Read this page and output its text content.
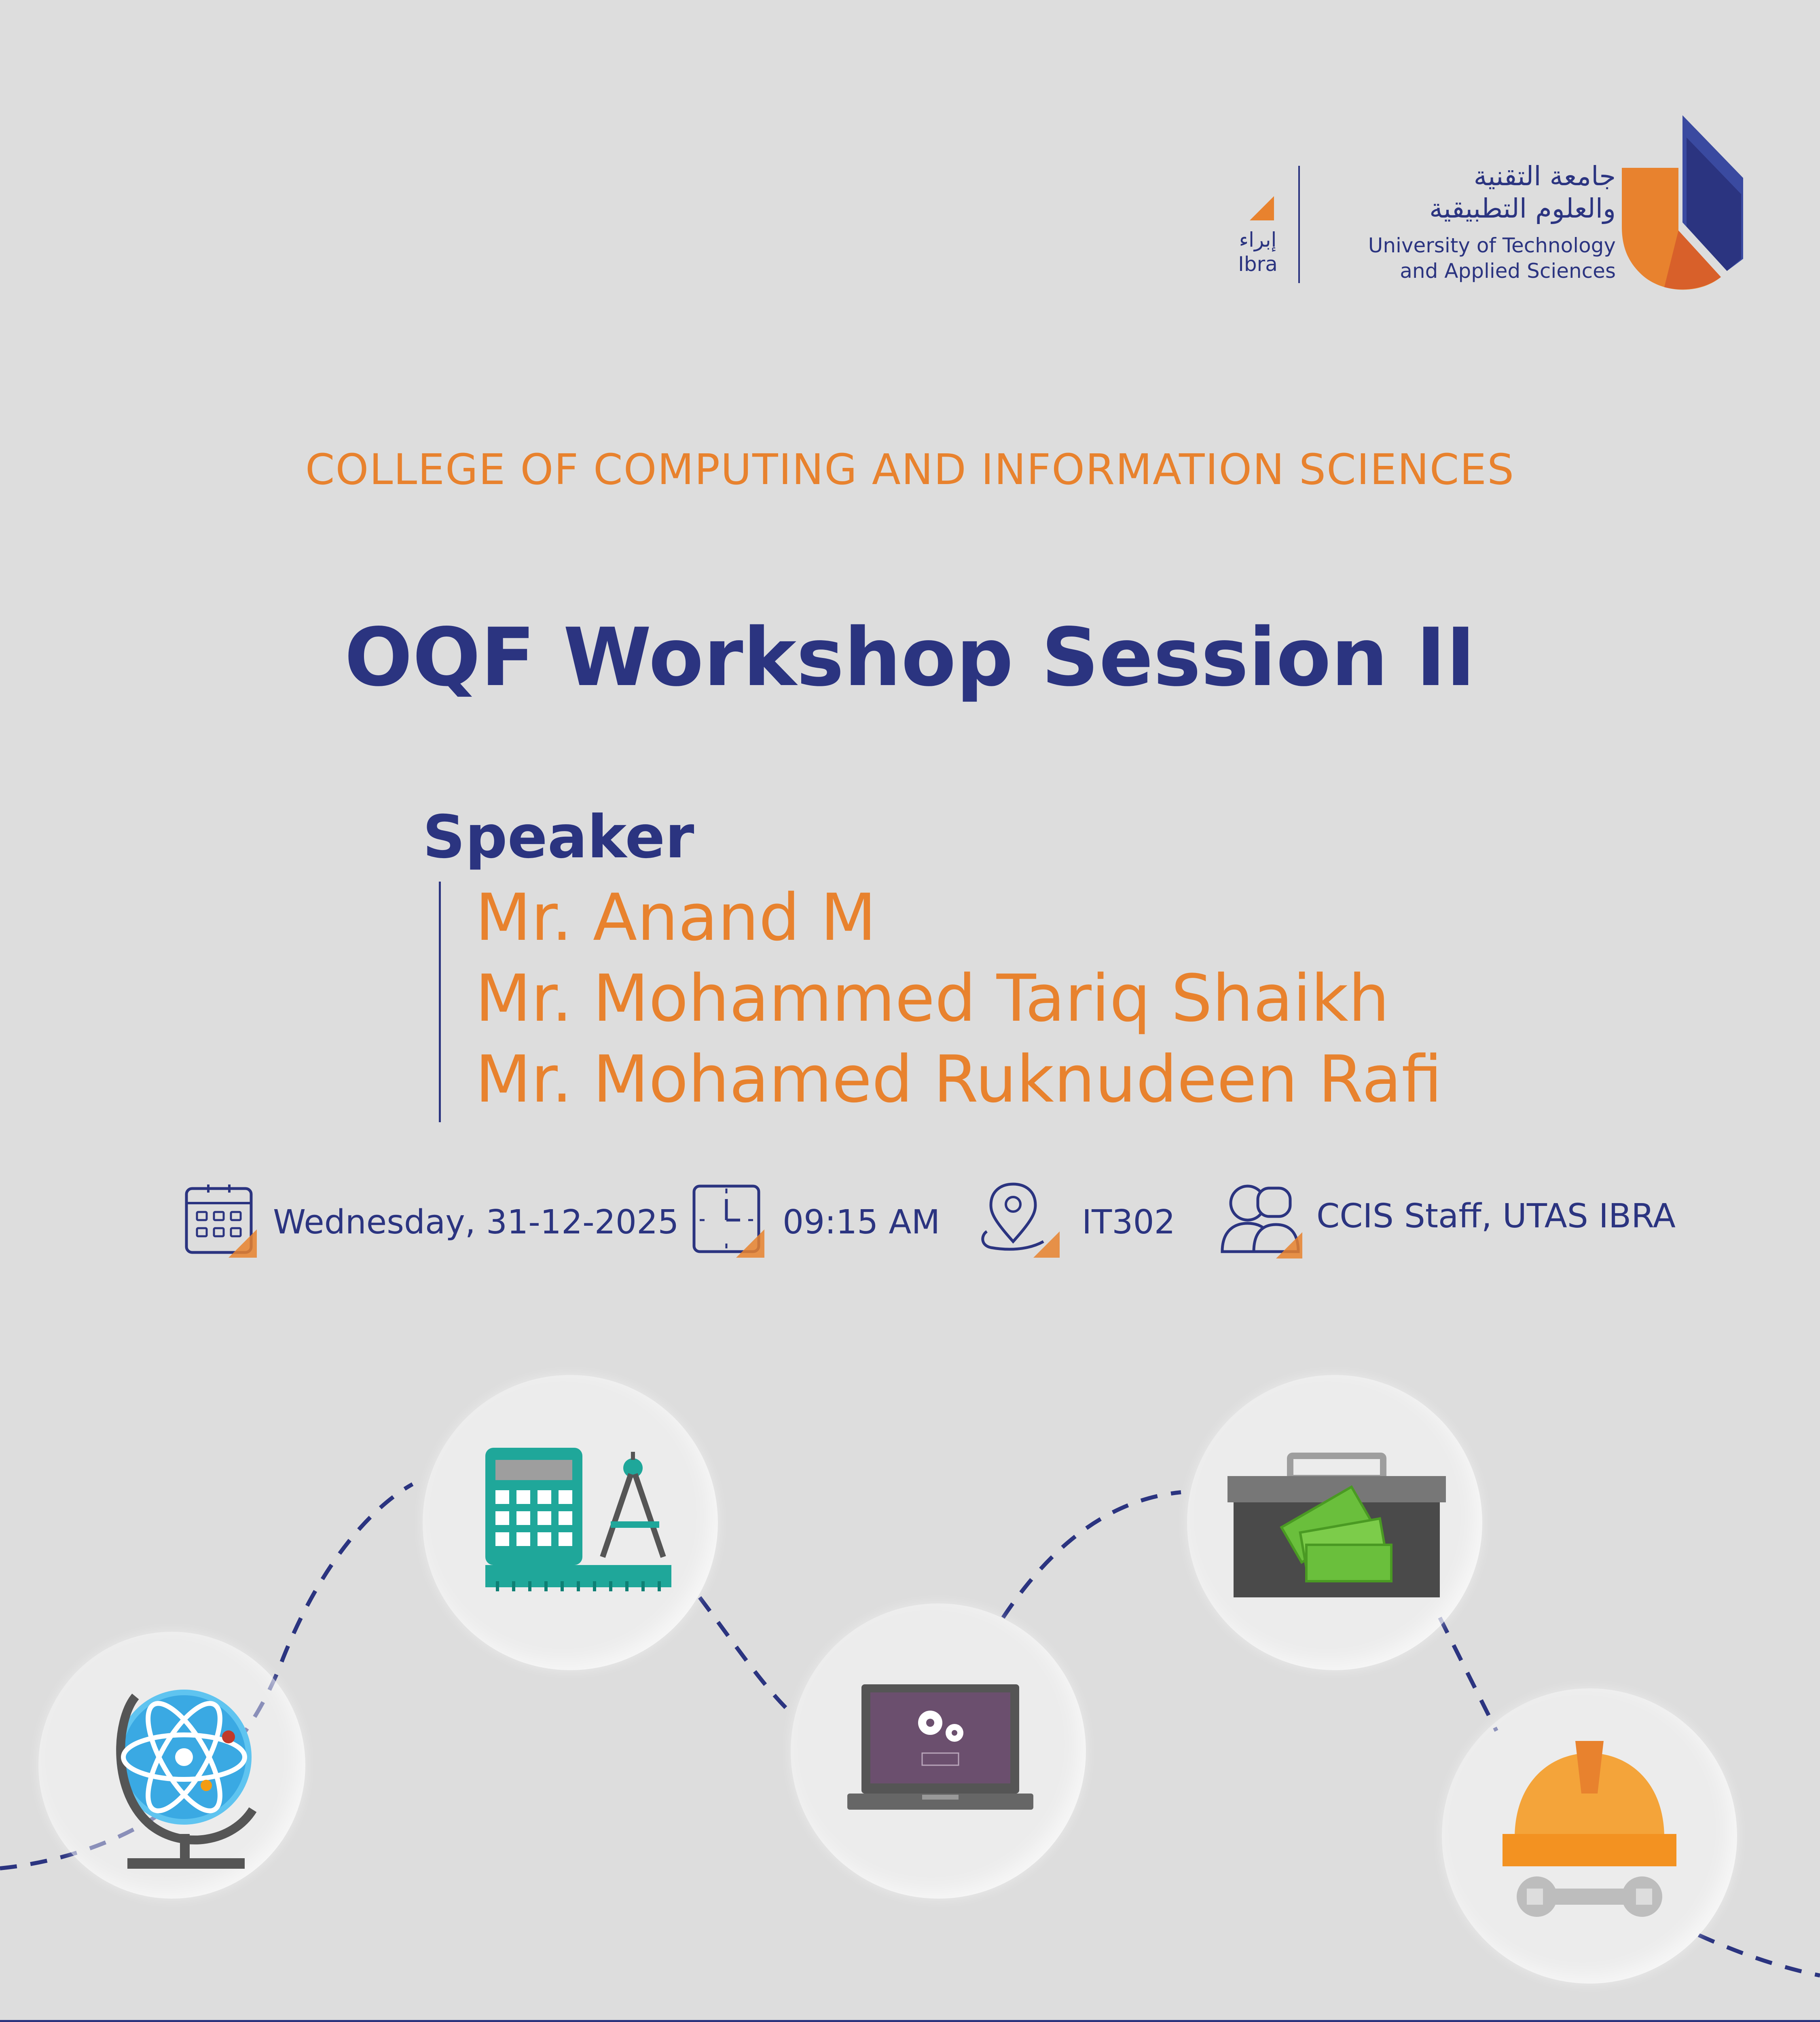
جامعة التقنية
والعلوم التطبيقية
University of Technology
and Applied Sciences
إبراء
Ibra
COLLEGE OF COMPUTING AND INFORMATION SCIENCES
OQF Workshop Session II
Speaker
Mr. Anand M
Mr. Mohammed Tariq Shaikh
Mr. Mohamed Ruknudeen Rafi
Wednesday, 31-12-2025	09:15 AM	IT302	CCIS Staff, UTAS IBRA
